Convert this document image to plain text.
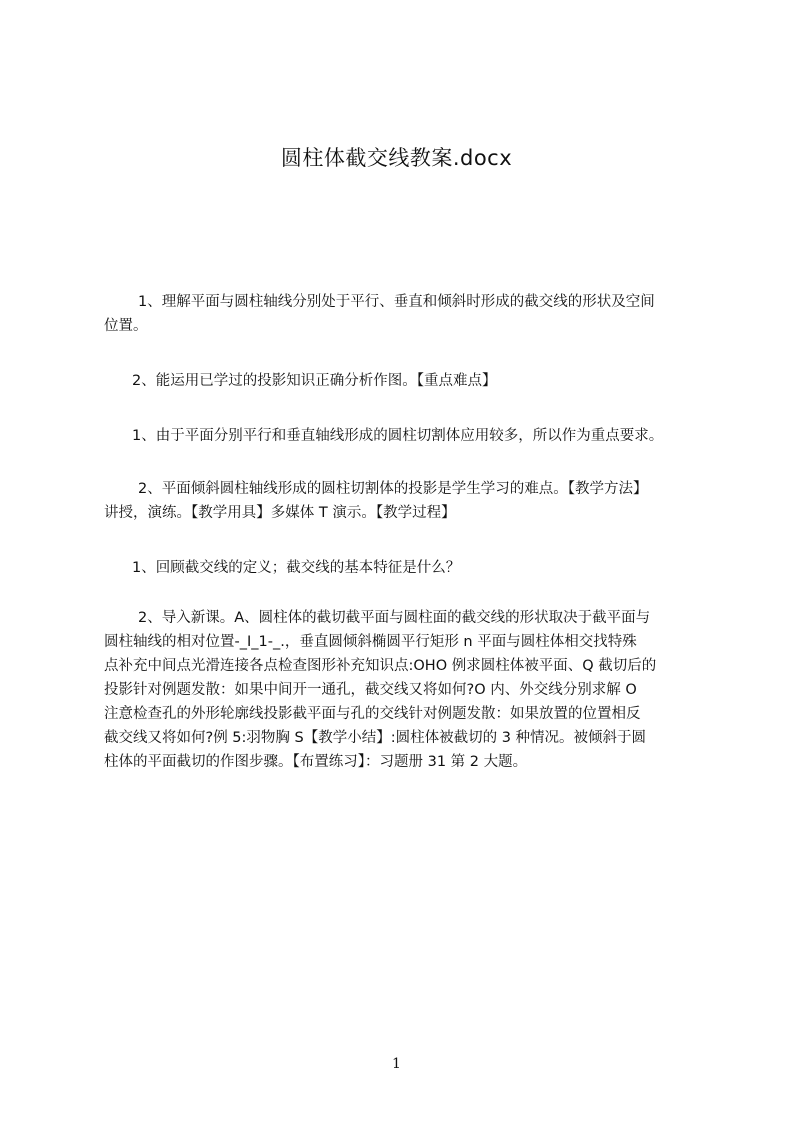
圆柱体截交线教案.docx
1、理解平面与圆柱轴线分别处于平行、垂直和倾斜时形成的截交线的形状及空间
位置。
2、能运用已学过的投影知识正确分析作图。【重点难点】
1、由于平面分别平行和垂直轴线形成的圆柱切割体应用较多，所以作为重点要求。
2、平面倾斜圆柱轴线形成的圆柱切割体的投影是学生学习的难点。【教学方法】
讲授，演练。【教学用具】多媒体 T 演示。【教学过程】
1、回顾截交线的定义；截交线的基本特征是什么？
2、导入新课。A、圆柱体的截切截平面与圆柱面的截交线的形状取决于截平面与
圆柱轴线的相对位置-_I_1-_.，垂直圆倾斜椭圆平行矩形 n 平面与圆柱体相交找特殊
点补充中间点光滑连接各点检查图形补充知识点:OHO 例求圆柱体被平面、Q 截切后的
投影针对例题发散：如果中间开一通孔，截交线又将如何?O 内、外交线分别求解 O
注意检查孔的外形轮廓线投影截平面与孔的交线针对例题发散：如果放置的位置相反
截交线又将如何?例 5:羽物胸 S【教学小结】:圆柱体被截切的 3 种情况。被倾斜于圆
柱体的平面截切的作图步骤。【布置练习】：习题册 31 第 2 大题。
1
